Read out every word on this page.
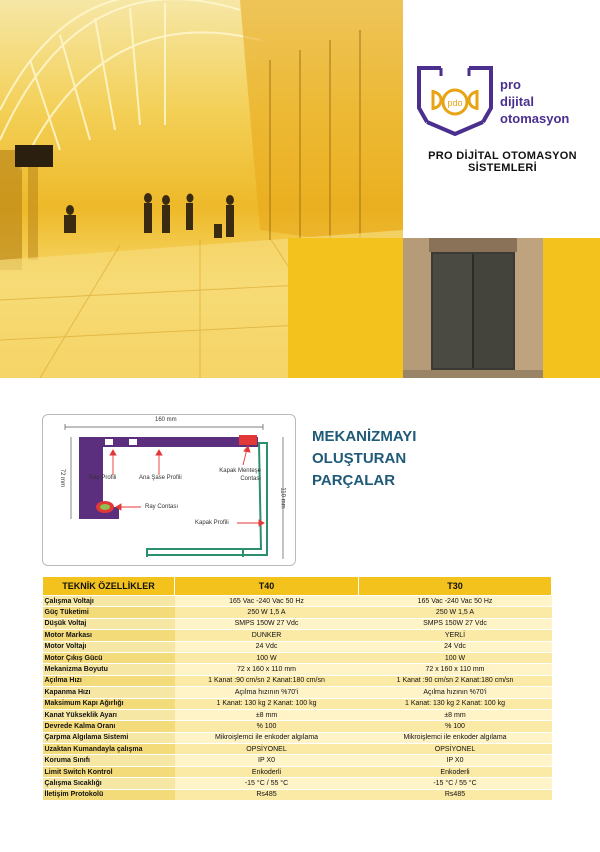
pdo
pro
dijital
otomasyon
PRO DİJİTAL OTOMASYON SİSTEMLERİ
160 mm
72 mm
110 mm
Ray Profili	Ana Şase Profili
Kapak Menteşe Contası
Ray Contası
Kapak Profili
MEKANİZMAYI
OLUŞTURAN
PARÇALAR
TEKNİK ÖZELLİKLER	T40	T30
Çalışma Voltajı	165 Vac -240 Vac 50 Hz	165 Vac -240 Vac 50 Hz
Güç Tüketimi	250 W 1,5 A	250 W 1,5 A
Düşük Voltaj	SMPS 150W 27 Vdc	SMPS 150W 27 Vdc
Motor Markası	DUNKER	YERLİ
Motor Voltajı	24 Vdc	24 Vdc
Motor Çıkış Gücü	100 W	100 W
Mekanizma Boyutu	72 x 160 x 110 mm	72 x 160 x 110 mm
Açılma Hızı	1 Kanat :90 cm/sn 2 Kanat:180 cm/sn	1 Kanat :90 cm/sn 2 Kanat:180 cm/sn
Kapanma Hızı	Açılma hızının %70'i	Açılma hızının %70'i
Maksimum Kapı Ağırlığı	1 Kanat: 130 kg 2 Kanat: 100 kg	1 Kanat: 130 kg 2 Kanat: 100 kg
Kanat Yükseklik Ayarı	±8 mm	±8 mm
Devrede Kalma Oranı	% 100	% 100
Çarpma Algılama Sistemi	Mikroişlemci ile enkoder algılama	Mikroişlemci ile enkoder algılama
Uzaktan Kumandayla çalışma	OPSİYONEL	OPSİYONEL
Koruma Sınıfı	IP X0	IP X0
Limit Switch Kontrol	Enkoderli	Enkoderli
Çalışma Sıcaklığı	-15 °C / 55 °C	-15 °C / 55 °C
İletişim Protokolü	Rs485	Rs485
